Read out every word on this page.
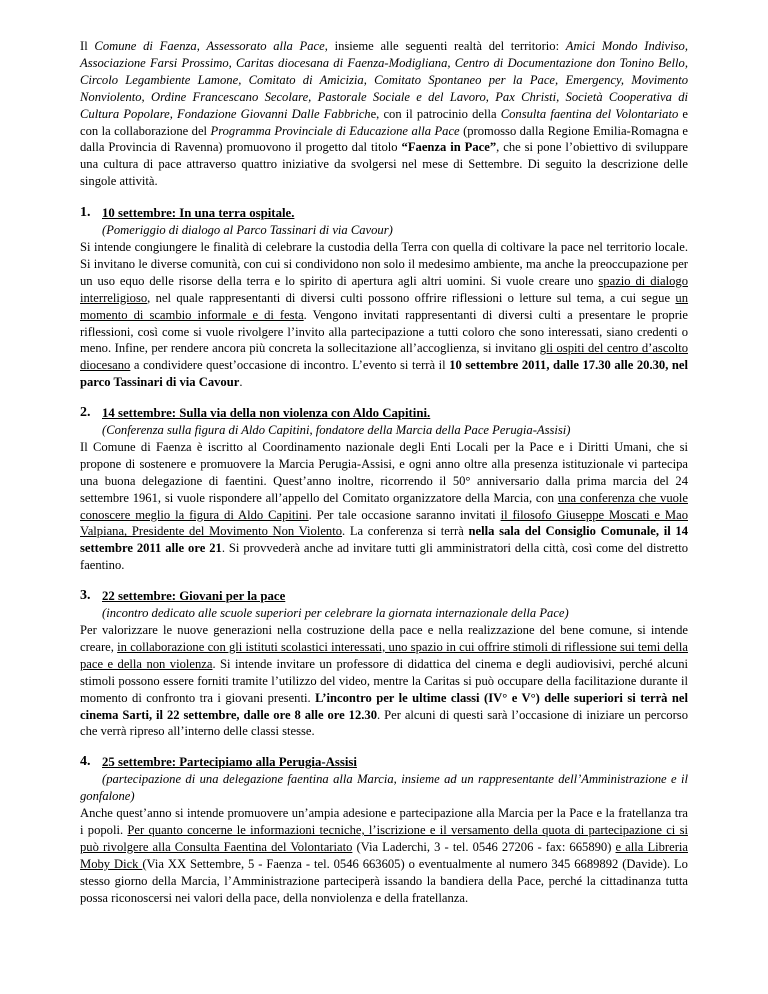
Il Comune di Faenza, Assessorato alla Pace, insieme alle seguenti realtà del territorio: Amici Mondo Indiviso, Associazione Farsi Prossimo, Caritas diocesana di Faenza-Modigliana, Centro di Documentazione don Tonino Bello, Circolo Legambiente Lamone, Comitato di Amicizia, Comitato Spontaneo per la Pace, Emergency, Movimento Nonviolento, Ordine Francescano Secolare, Pastorale Sociale e del Lavoro, Pax Christi, Società Cooperativa di Cultura Popolare, Fondazione Giovanni Dalle Fabbriche, con il patrocinio della Consulta faentina del Volontariato e con la collaborazione del Programma Provinciale di Educazione alla Pace (promosso dalla Regione Emilia-Romagna e dalla Provincia di Ravenna) promuovono il progetto dal titolo “Faenza in Pace”, che si pone l’obiettivo di sviluppare una cultura di pace attraverso quattro iniziative da svolgersi nel mese di Settembre. Di seguito la descrizione delle singole attività.

1. 10 settembre: In una terra ospitale.

(Pomeriggio di dialogo al Parco Tassinari di via Cavour)

Si intende congiungere le finalità di celebrare la custodia della Terra con quella di coltivare la pace nel territorio locale. Si invitano le diverse comunità, con cui si condividono non solo il medesimo ambiente, ma anche la preoccupazione per un uso equo delle risorse della terra e lo spirito di apertura agli altri uomini. Si vuole creare uno spazio di dialogo interreligioso, nel quale rappresentanti di diversi culti possono offrire riflessioni o letture sul tema, a cui segue un momento di scambio informale e di festa. Vengono invitati rappresentanti di diversi culti a presentare le proprie riflessioni, così come si vuole rivolgere l’invito alla partecipazione a tutti coloro che sono interessati, siano credenti o meno. Infine, per rendere ancora più concreta la sollecitazione all’accoglienza, si invitano gli ospiti del centro d’ascolto diocesano a condividere quest’occasione di incontro. L’evento si terrà il 10 settembre 2011, dalle 17.30 alle 20.30, nel parco Tassinari di via Cavour.

2. 14 settembre: Sulla via della non violenza con Aldo Capitini.

(Conferenza sulla figura di Aldo Capitini, fondatore della Marcia della Pace Perugia-Assisi)

Il Comune di Faenza è iscritto al Coordinamento nazionale degli Enti Locali per la Pace e i Diritti Umani, che si propone di sostenere e promuovere la Marcia Perugia-Assisi, e ogni anno oltre alla presenza istituzionale vi partecipa una buona delegazione di faentini. Quest’anno inoltre, ricorrendo il 50° anniversario dalla prima marcia del 24 settembre 1961, si vuole rispondere all’appello del Comitato organizzatore della Marcia, con una conferenza che vuole conoscere meglio la figura di Aldo Capitini. Per tale occasione saranno invitati il filosofo Giuseppe Moscati e Mao Valpiana, Presidente del Movimento Non Violento. La conferenza si terrà nella sala del Consiglio Comunale, il 14 settembre 2011 alle ore 21. Si provvederà anche ad invitare tutti gli amministratori della città, così come del distretto faentino.

3. 22 settembre: Giovani per la pace

(incontro dedicato alle scuole superiori per celebrare la giornata internazionale della Pace)

Per valorizzare le nuove generazioni nella costruzione della pace e nella realizzazione del bene comune, si intende creare, in collaborazione con gli istituti scolastici interessati, uno spazio in cui offrire stimoli di riflessione sui temi della pace e della non violenza. Si intende invitare un professore di didattica del cinema e degli audiovisivi, perché alcuni stimoli possono essere forniti tramite l’utilizzo del video, mentre la Caritas si può occupare della facilitazione durante il momento di confronto tra i giovani presenti. L’incontro per le ultime classi (IV° e V°) delle superiori si terrà nel cinema Sarti, il 22 settembre, dalle ore 8 alle ore 12.30. Per alcuni di questi sarà l’occasione di iniziare un percorso che verrà ripreso all’interno delle classi stesse.

4. 25 settembre: Partecipiamo alla Perugia-Assisi

(partecipazione di una delegazione faentina alla Marcia, insieme ad un rappresentante dell’Amministrazione e il gonfalone)

Anche quest’anno si intende promuovere un’ampia adesione e partecipazione alla Marcia per la Pace e la fratellanza tra i popoli. Per quanto concerne le informazioni tecniche, l’iscrizione e il versamento della quota di partecipazione ci si può rivolgere alla Consulta Faentina del Volontariato (Via Laderchi, 3 - tel. 0546 27206 - fax: 665890) e alla Libreria Moby Dick (Via XX Settembre, 5 - Faenza - tel. 0546 663605) o eventualmente al numero 345 6689892 (Davide). Lo stesso giorno della Marcia, l’Amministrazione parteciperà issando la bandiera della Pace, perché la cittadinanza tutta possa riconoscersi nei valori della pace, della nonviolenza e della fratellanza.
